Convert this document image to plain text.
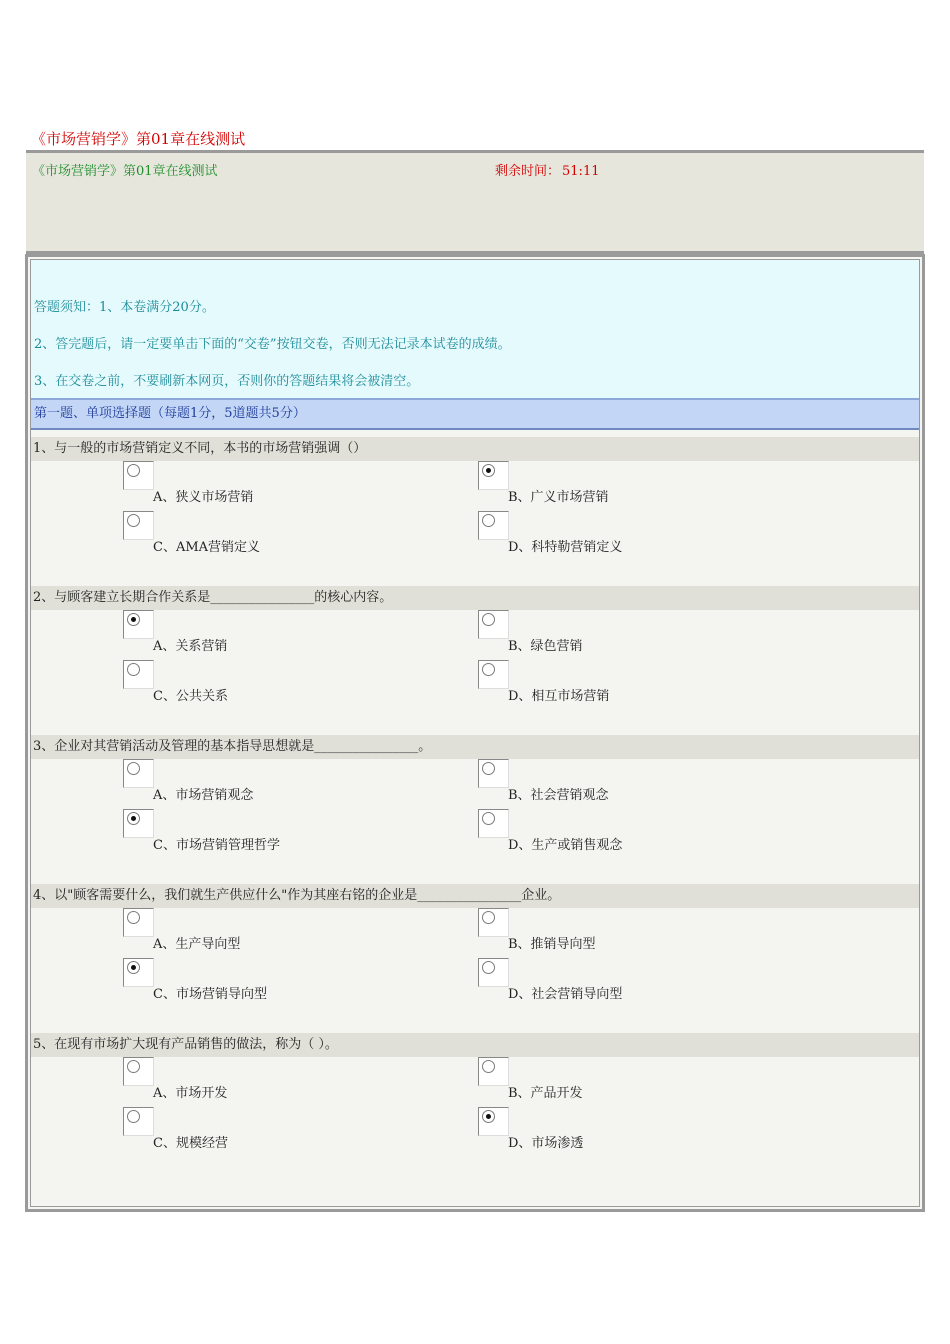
《市场营销学》第01章在线测试
《市场营销学》第01章在线测试	剩余时间： 51:11

答题须知：1、本卷满分20分。

2、答完题后，请一定要单击下面的“交卷”按钮交卷，否则无法记录本试卷的成绩。

3、在交卷之前，不要刷新本网页，否则你的答题结果将会被清空。

第一题、单项选择题（每题1分，5道题共5分）
1、与一般的市场营销定义不同，本书的市场营销强调（）
A、狭义市场营销	B、广义市场营销
C、AMA营销定义	D、科特勒营销定义
2、与顾客建立长期合作关系是________________的核心内容。
A、关系营销	B、绿色营销
C、公共关系	D、相互市场营销
3、企业对其营销活动及管理的基本指导思想就是________________。
A、市场营销观念	B、社会营销观念
C、市场营销管理哲学	D、生产或销售观念
4、以"顾客需要什么，我们就生产供应什么"作为其座右铭的企业是________________企业。
A、生产导向型	B、推销导向型
C、市场营销导向型	D、社会营销导向型
5、在现有市场扩大现有产品销售的做法，称为（ ）。
A、市场开发	B、产品开发
C、规模经营	D、市场渗透
